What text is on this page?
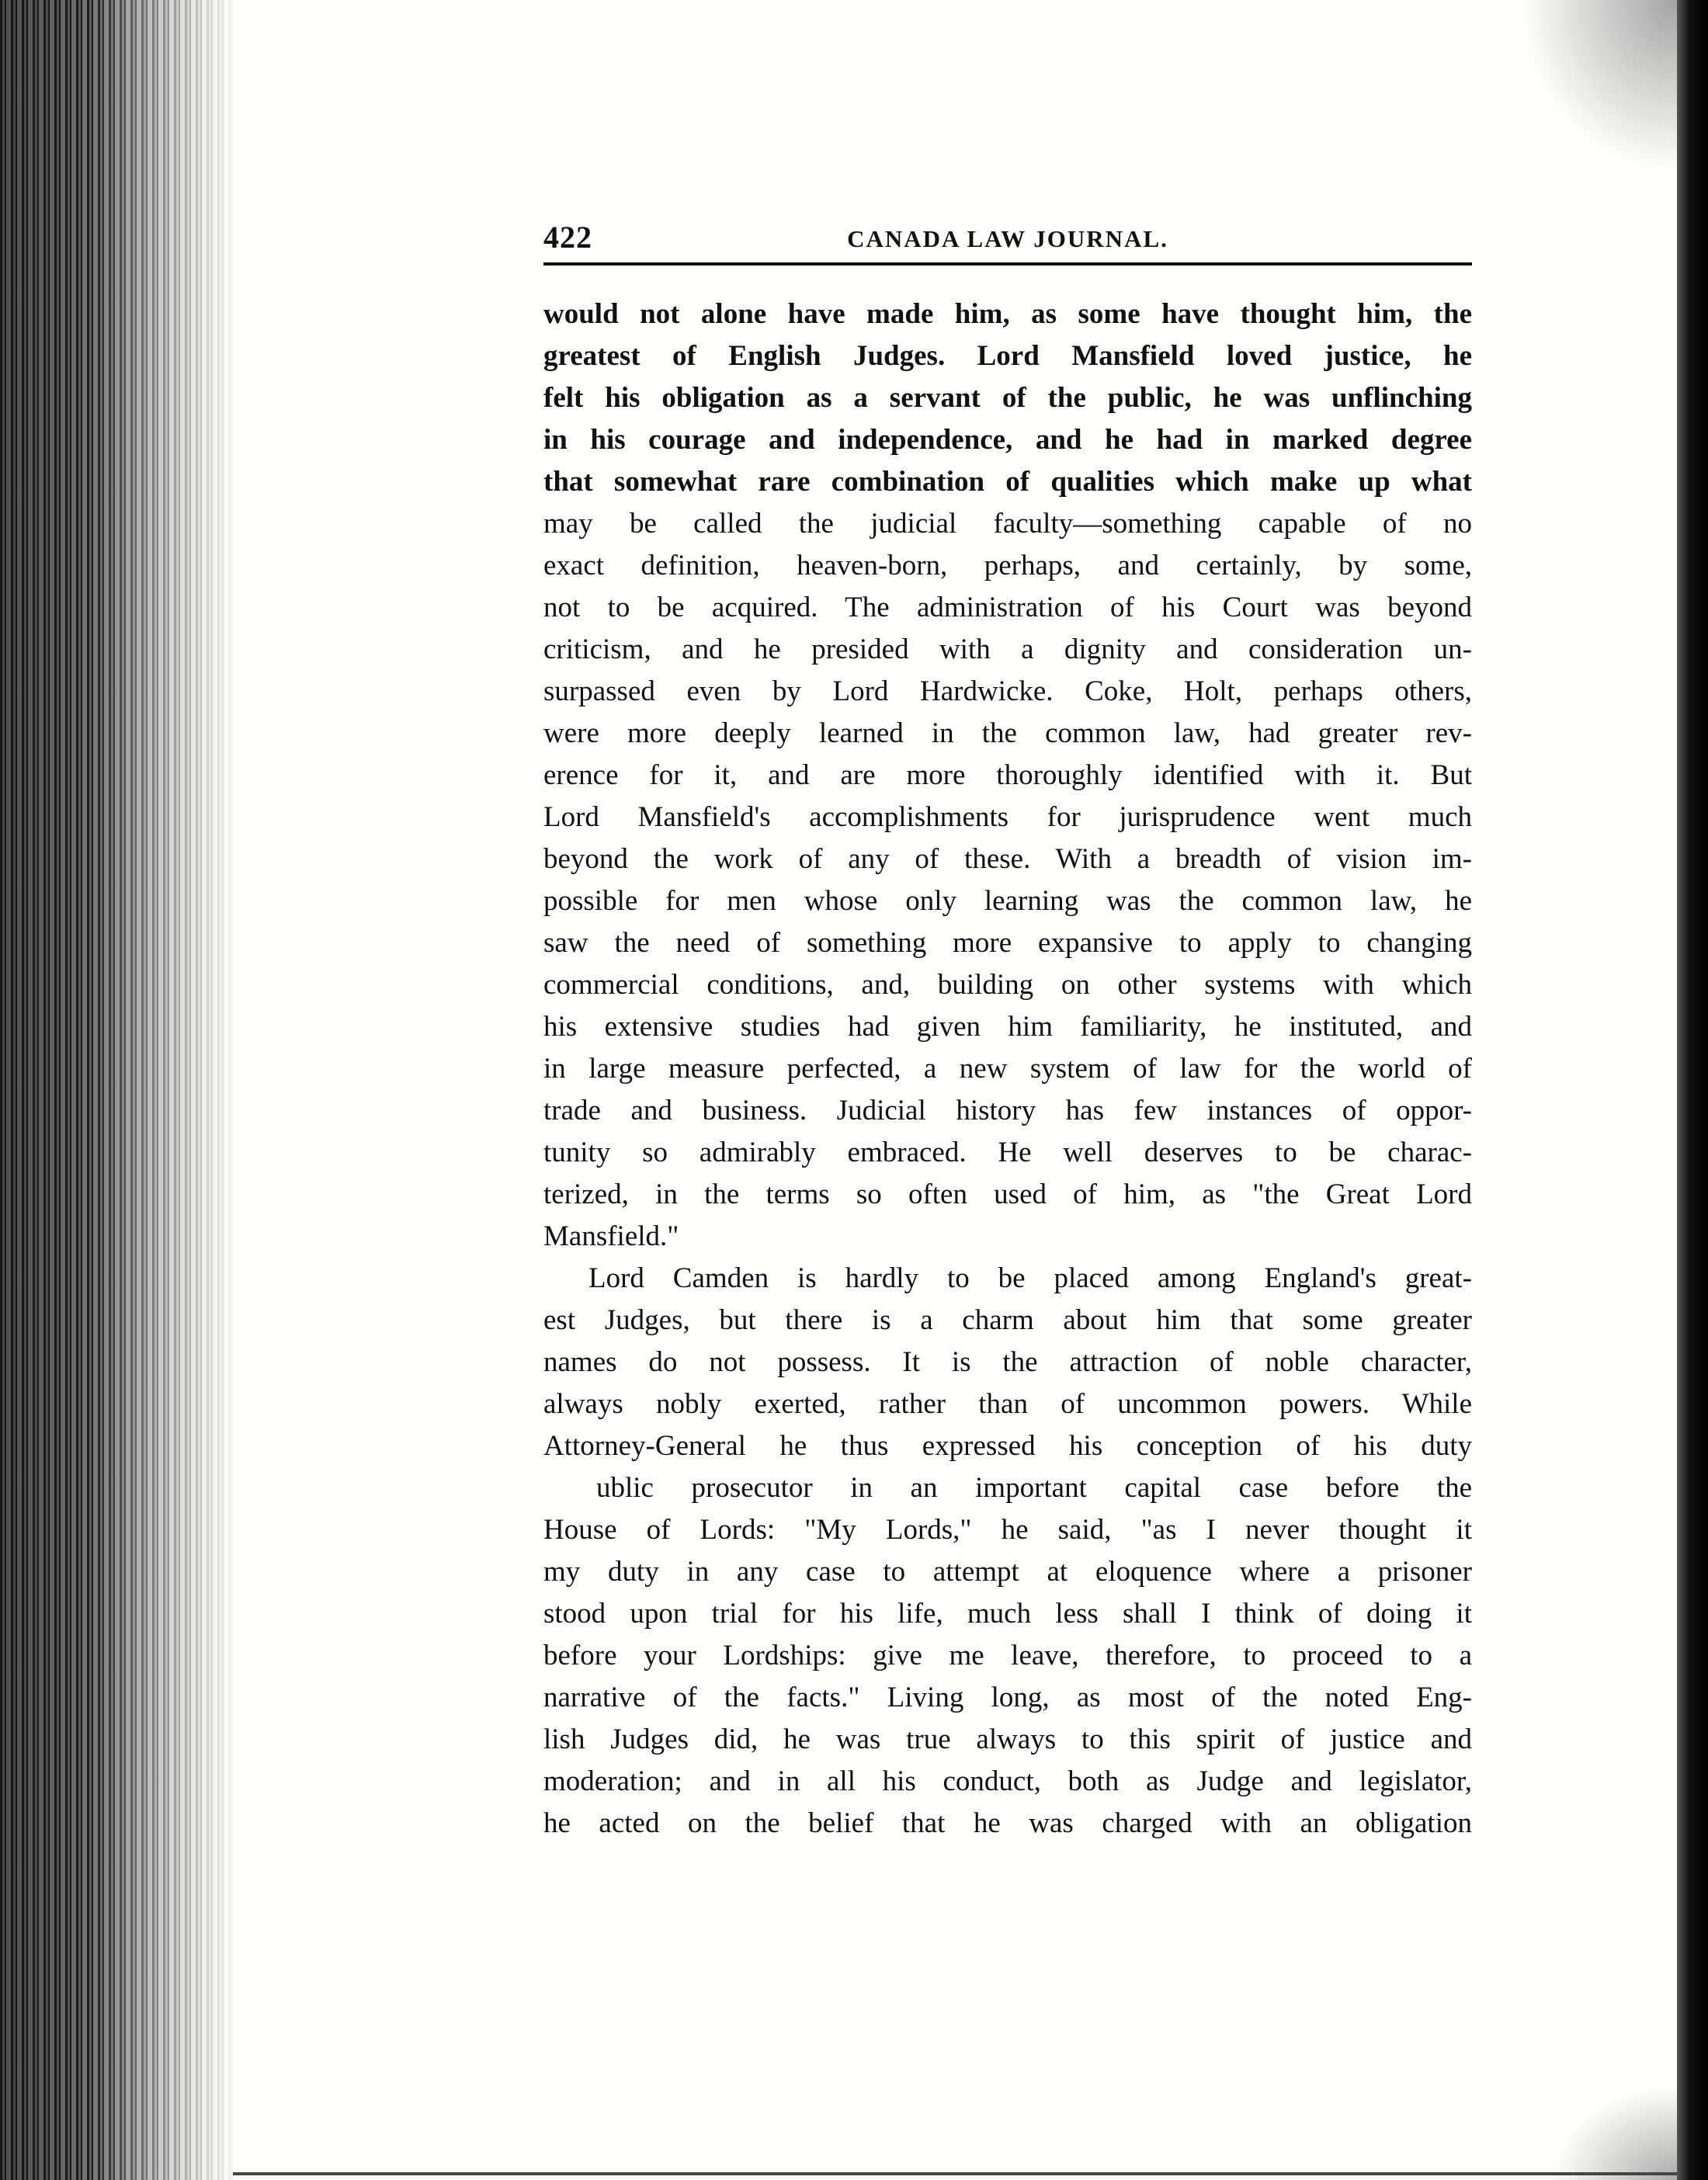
422	CANADA LAW JOURNAL.
would not alone have made him, as some have thought him, the
greatest of English Judges. Lord Mansfield loved justice, he
felt his obligation as a servant of the public, he was unflinching
in his courage and independence, and he had in marked degree
that somewhat rare combination of qualities which make up what
may be called the judicial faculty—something capable of no
exact definition, heaven-born, perhaps, and certainly, by some,
not to be acquired. The administration of his Court was beyond
criticism, and he presided with a dignity and consideration un-
surpassed even by Lord Hardwicke. Coke, Holt, perhaps others,
were more deeply learned in the common law, had greater rev-
erence for it, and are more thoroughly identified with it. But
Lord Mansfield's accomplishments for jurisprudence went much
beyond the work of any of these. With a breadth of vision im-
possible for men whose only learning was the common law, he
saw the need of something more expansive to apply to changing
commercial conditions, and, building on other systems with which
his extensive studies had given him familiarity, he instituted, and
in large measure perfected, a new system of law for the world of
trade and business. Judicial history has few instances of oppor-
tunity so admirably embraced. He well deserves to be charac-
terized, in the terms so often used of him, as "the Great Lord
Mansfield."
Lord Camden is hardly to be placed among England's great-
est Judges, but there is a charm about him that some greater
names do not possess. It is the attraction of noble character,
always nobly exerted, rather than of uncommon powers. While
Attorney-General he thus expressed his conception of his duty
ublic prosecutor in an important capital case before the
House of Lords: "My Lords," he said, "as I never thought it
my duty in any case to attempt at eloquence where a prisoner
stood upon trial for his life, much less shall I think of doing it
before your Lordships: give me leave, therefore, to proceed to a
narrative of the facts." Living long, as most of the noted Eng-
lish Judges did, he was true always to this spirit of justice and
moderation; and in all his conduct, both as Judge and legislator,
he acted on the belief that he was charged with an obligation
